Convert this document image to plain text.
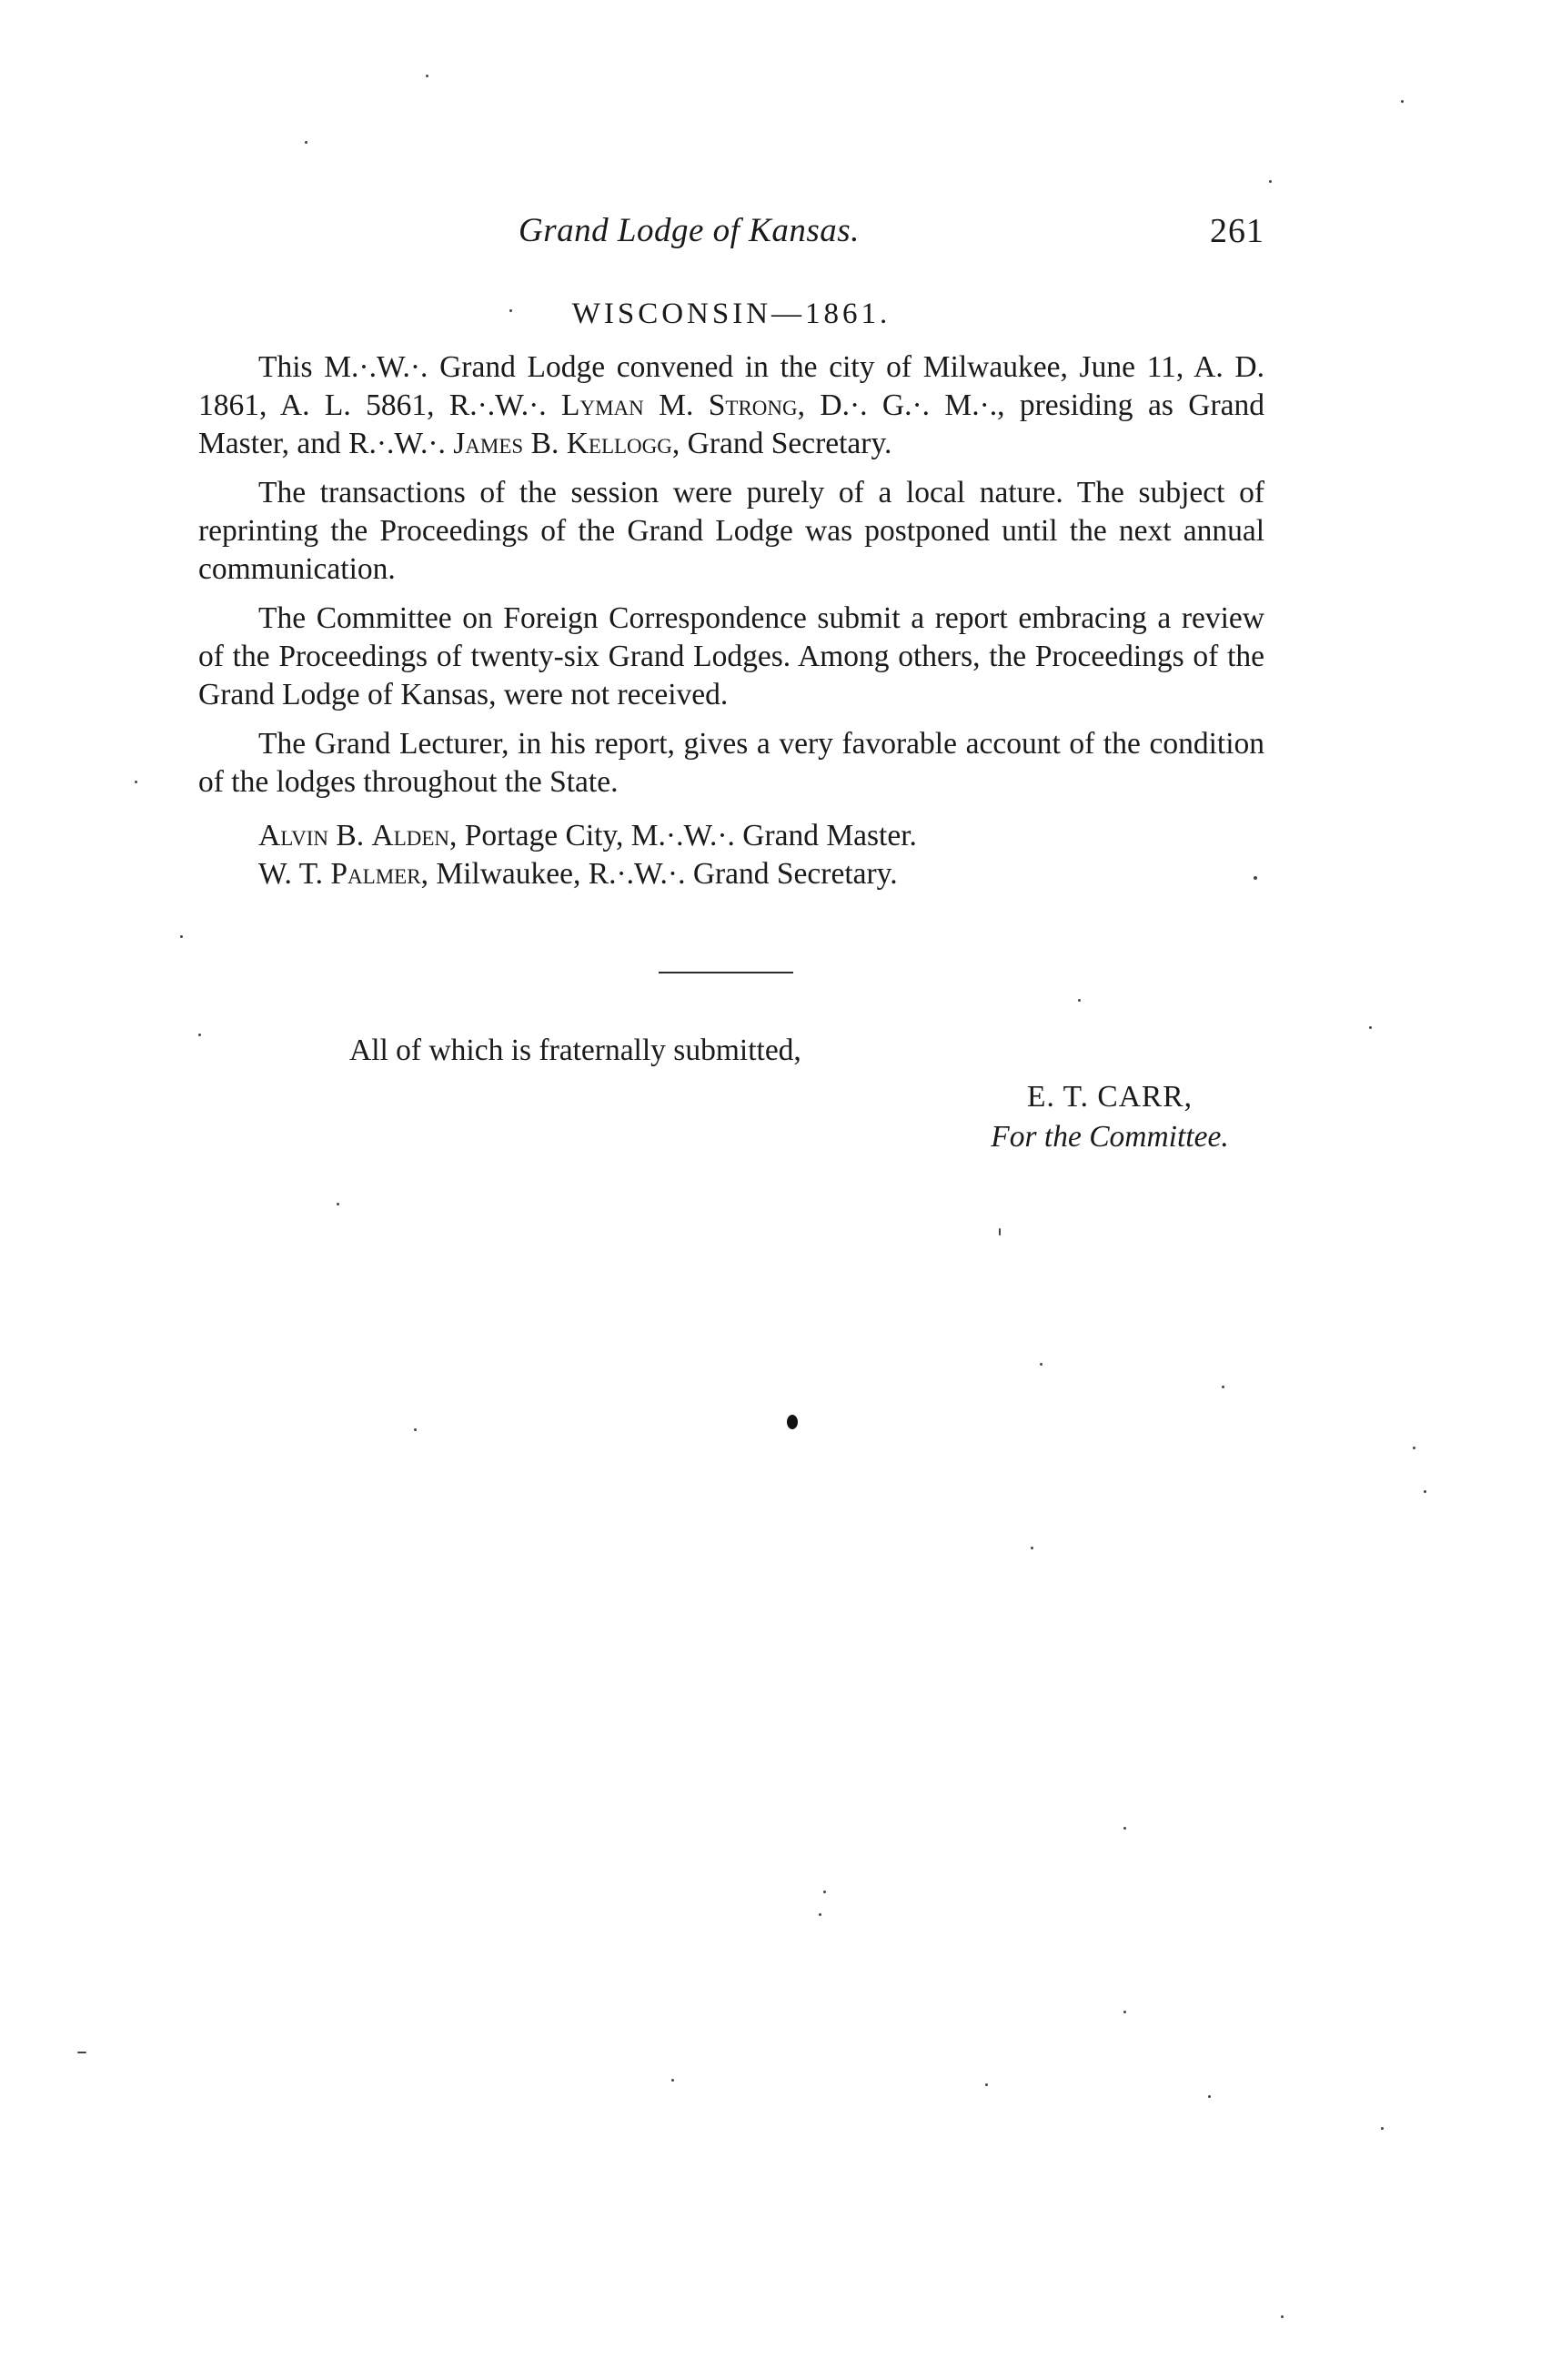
Grand Lodge of Kansas.	261
WISCONSIN—1861.

This M.·.W.·. Grand Lodge convened in the city of Milwaukee, June 11, A. D. 1861, A. L. 5861, R.·.W.·. Lyman M. Strong, D.·. G.·. M.·., presiding as Grand Master, and R.·.W.·. James B. Kellogg, Grand Secretary.

The transactions of the session were purely of a local nature. The subject of reprinting the Proceedings of the Grand Lodge was postponed until the next annual communication.

The Committee on Foreign Correspondence submit a report embracing a review of the Proceedings of twenty-six Grand Lodges. Among others, the Proceedings of the Grand Lodge of Kansas, were not received.

The Grand Lecturer, in his report, gives a very favorable account of the condition of the lodges throughout the State.

Alvin B. Alden, Portage City, M.·.W.·. Grand Master.
W. T. Palmer, Milwaukee, R.·.W.·. Grand Secretary.
All of which is fraternally submitted,
E. T. CARR,
For the Committee.
